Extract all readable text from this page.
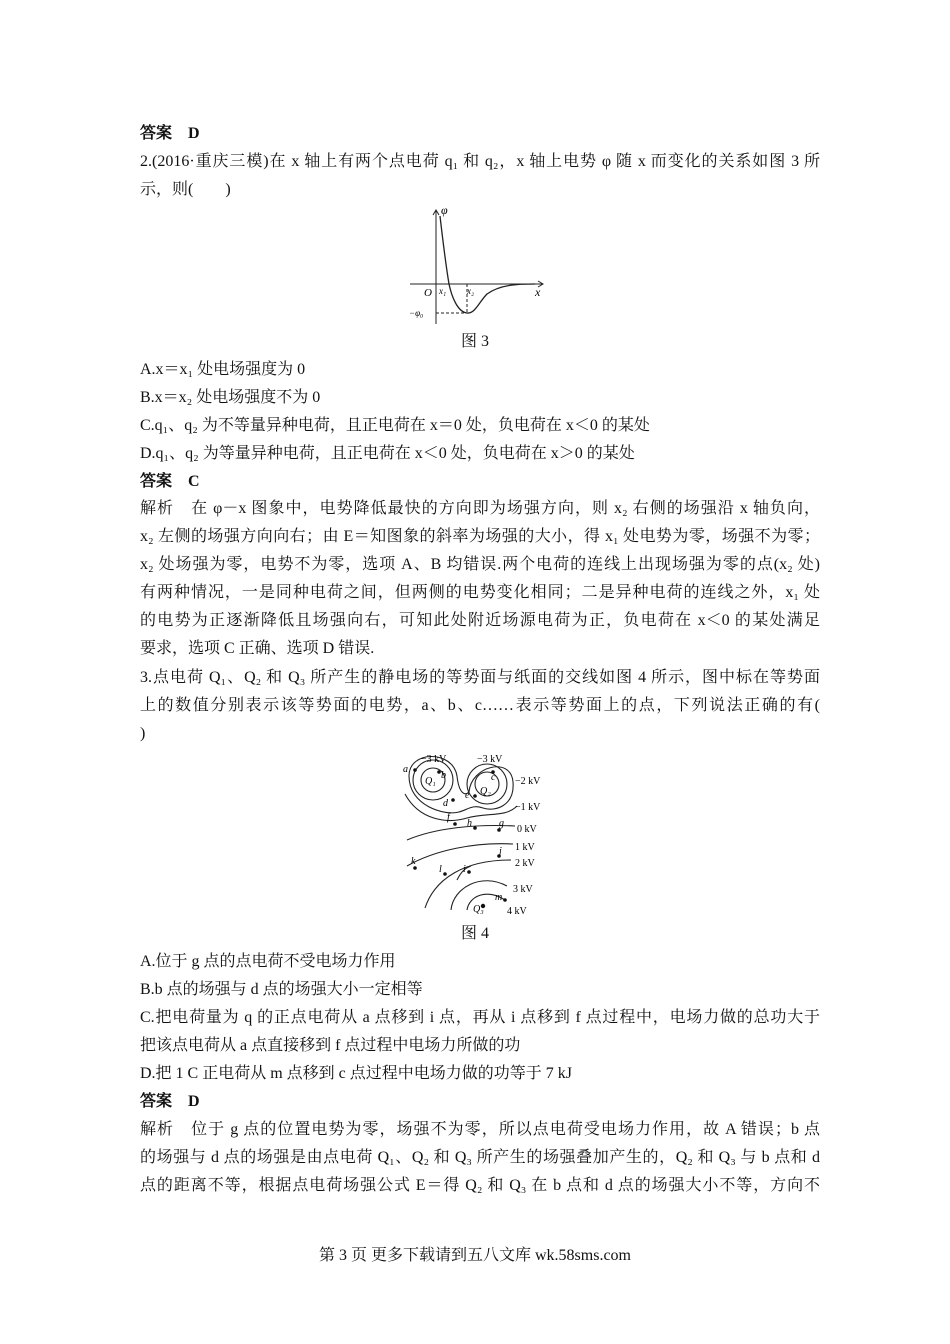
答案　D
2.(2016·重庆三模)在 x 轴上有两个点电荷 q₁ 和 q₂，x 轴上电势 φ 随 x 而变化的关系如图 3 所
示，则(　　)
φ
x
O x₁ x₂
−φ₀
图 3
A.x＝x₁ 处电场强度为 0
B.x＝x₂ 处电场强度不为 0
C.q₁、q₂ 为不等量异种电荷，且正电荷在 x＝0 处，负电荷在 x＜0 的某处
D.q₁、q₂ 为等量异种电荷，且正电荷在 x＜0 处，负电荷在 x＞0 的某处
答案　C
解析　在 φ－x 图象中，电势降低最快的方向即为场强方向，则 x₂ 右侧的场强沿 x 轴负向，
x₂ 左侧的场强方向向右；由 E＝知图象的斜率为场强的大小，得 x₁ 处电势为零，场强不为零；
x₂ 处场强为零，电势不为零，选项 A、B 均错误.两个电荷的连线上出现场强为零的点(x₂ 处)
有两种情况，一是同种电荷之间，但两侧的电势变化相同；二是异种电荷的连线之外，x₁ 处
的电势为正逐渐降低且场强向右，可知此处附近场源电荷为正，负电荷在 x＜0 的某处满足
要求，选项 C 正确、选项 D 错误.
3.点电荷 Q₁、Q₂ 和 Q₃ 所产生的静电场的等势面与纸面的交线如图 4 所示，图中标在等势面
上的数值分别表示该等势面的电势，a、b、c……表示等势面上的点，下列说法正确的有(
)
−3 kV	−3 kV
−2 kV
−1 kV
0 kV
1 kV
2 kV
3 kV
4 kV
Q₁
Q₂
Q₃
a
b	c
d
e
f
g
h
i
j
k
l
m
图 4
A.位于 g 点的点电荷不受电场力作用
B.b 点的场强与 d 点的场强大小一定相等
C.把电荷量为 q 的正点电荷从 a 点移到 i 点，再从 i 点移到 f 点过程中，电场力做的总功大于
把该点电荷从 a 点直接移到 f 点过程中电场力所做的功
D.把 1 C 正电荷从 m 点移到 c 点过程中电场力做的功等于 7 kJ
答案　D
解析　位于 g 点的位置电势为零，场强不为零，所以点电荷受电场力作用，故 A 错误；b 点
的场强与 d 点的场强是由点电荷 Q₁、Q₂ 和 Q₃ 所产生的场强叠加产生的，Q₂ 和 Q₃ 与 b 点和 d
点的距离不等，根据点电荷场强公式 E＝得 Q₂ 和 Q₃ 在 b 点和 d 点的场强大小不等，方向不
第 3 页 更多下载请到五八文库 wk.58sms.com
